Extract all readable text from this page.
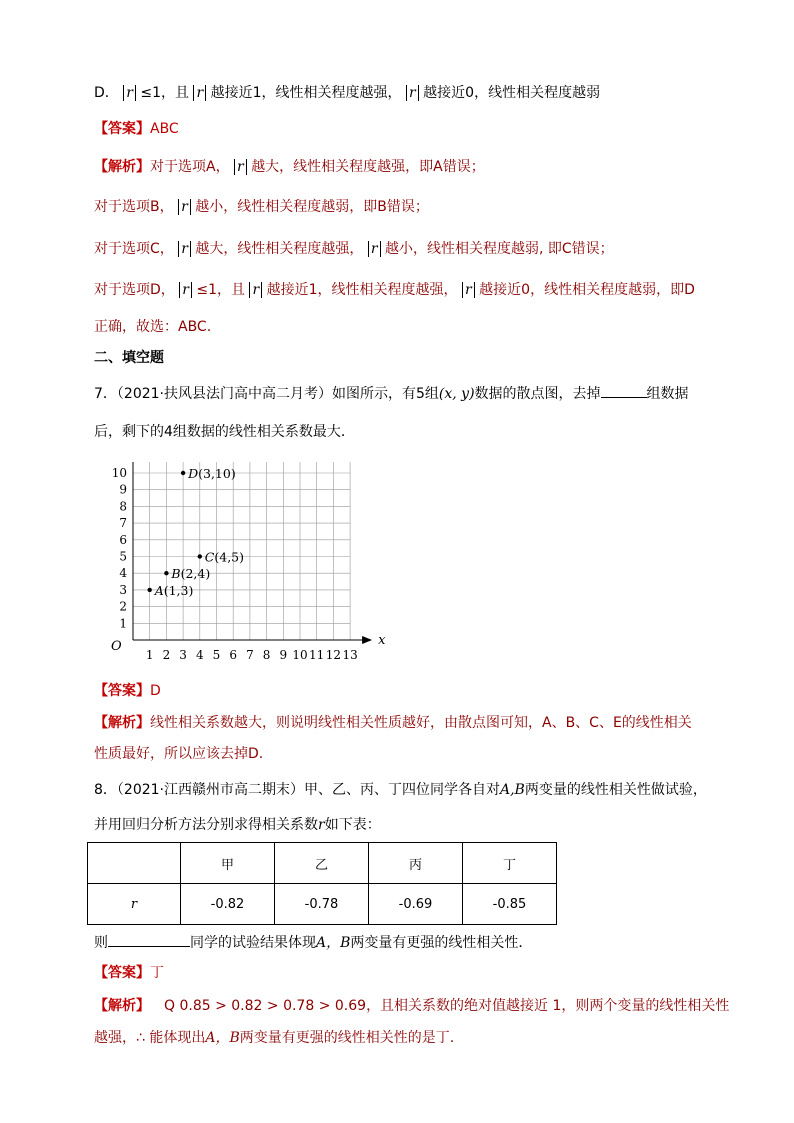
D． r ≤1，且 r 越接近1，线性相关程度越强， r 越接近0，线性相关程度越弱
【答案】ABC
【解析】对于选项A， r 越大，线性相关程度越强，即A错误；
对于选项B， r 越小，线性相关程度越弱，即B错误；
对于选项C， r 越大，线性相关程度越强， r 越小，线性相关程度越弱, 即C错误；
对于选项D， r ≤1，且 r 越接近1，线性相关程度越强， r 越接近0，线性相关程度越弱，即D
正确，故选：ABC.
二、填空题
7．（2021·扶风县法门高中高二月考）如图所示，有5组(x, y)数据的散点图，去掉	组数据
后，剩下的4组数据的线性相关系数最大．
x
O
1 2 3 4 5 6 7 8 9 10 11 12 13
1
2
3
4
5
6
7
8
9
10
A(1,3)
B(2,4)
C(4,5)
D(3,10)
【答案】D
【解析】线性相关系数越大，则说明线性相关性质越好，由散点图可知，A、B、C、E的线性相关
性质最好，所以应该去掉D.
8．（2021·江西赣州市高二期末）甲、乙、丙、丁四位同学各自对A,B两变量的线性相关性做试验，
并用回归分析方法分别求得相关系数r如下表：
	甲	乙	丙	丁
r	-0.82	-0.78	-0.69	-0.85
则	同学的试验结果体现A，B两变量有更强的线性相关性．
【答案】丁
【解析】 Q 0.85 > 0.82 > 0.78 > 0.69，且相关系数的绝对值越接近 1，则两个变量的线性相关性
越强，∴ 能体现出A，B两变量有更强的线性相关性的是丁.
